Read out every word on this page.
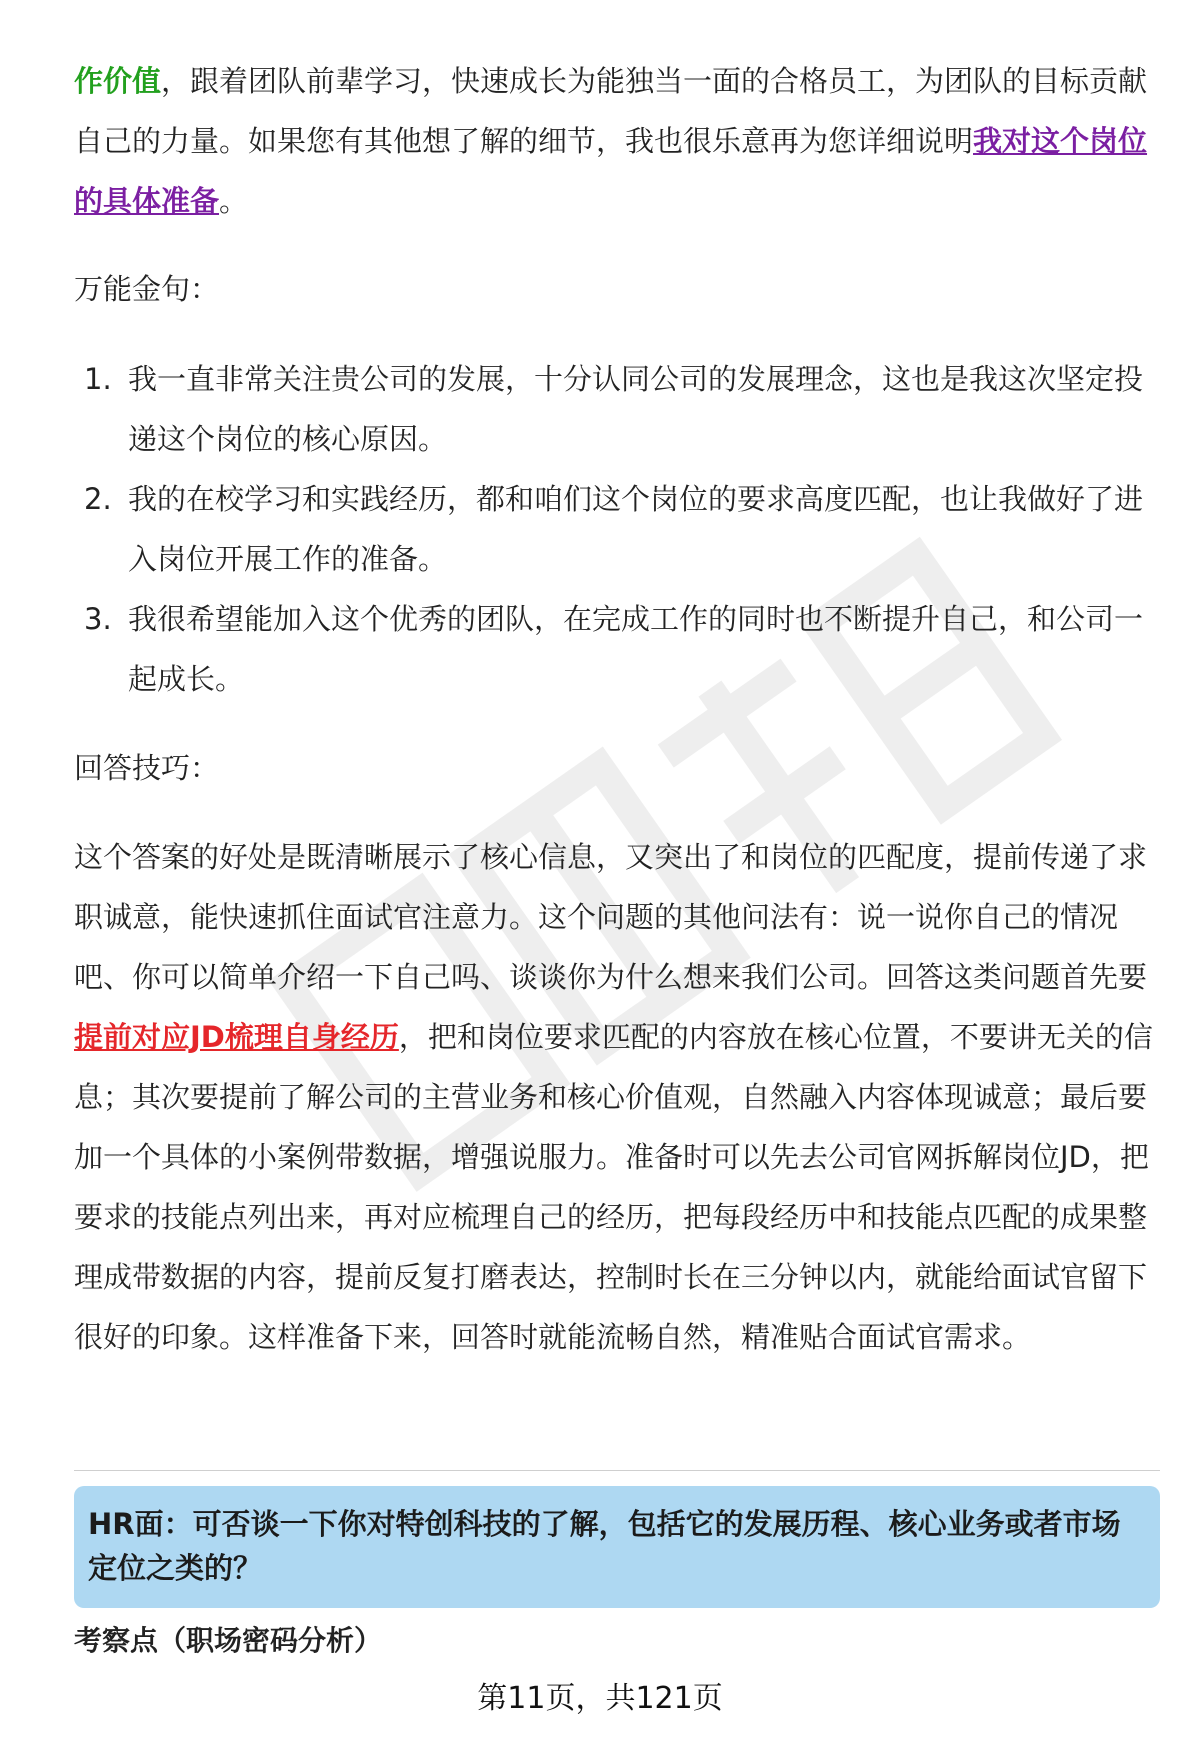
作价值，跟着团队前辈学习，快速成长为能独当一面的合格员工，为团队的目标贡献自己的力量。如果您有其他想了解的细节，我也很乐意再为您详细说明我对这个岗位的具体准备。

万能金句：

1. 我一直非常关注贵公司的发展，十分认同公司的发展理念，这也是我这次坚定投递这个岗位的核心原因。
2. 我的在校学习和实践经历，都和咱们这个岗位的要求高度匹配，也让我做好了进入岗位开展工作的准备。
3. 我很希望能加入这个优秀的团队，在完成工作的同时也不断提升自己，和公司一起成长。

回答技巧：

这个答案的好处是既清晰展示了核心信息，又突出了和岗位的匹配度，提前传递了求职诚意，能快速抓住面试官注意力。这个问题的其他问法有：说一说你自己的情况吧、你可以简单介绍一下自己吗、谈谈你为什么想来我们公司。回答这类问题首先要提前对应JD梳理自身经历，把和岗位要求匹配的内容放在核心位置，不要讲无关的信息；其次要提前了解公司的主营业务和核心价值观，自然融入内容体现诚意；最后要加一个具体的小案例带数据，增强说服力。准备时可以先去公司官网拆解岗位JD，把要求的技能点列出来，再对应梳理自己的经历，把每段经历中和技能点匹配的成果整理成带数据的内容，提前反复打磨表达，控制时长在三分钟以内，就能给面试官留下很好的印象。这样准备下来，回答时就能流畅自然，精准贴合面试官需求。

HR面：可否谈一下你对特创科技的了解，包括它的发展历程、核心业务或者市场定位之类的？

考察点（职场密码分析）

第11页，共121页
